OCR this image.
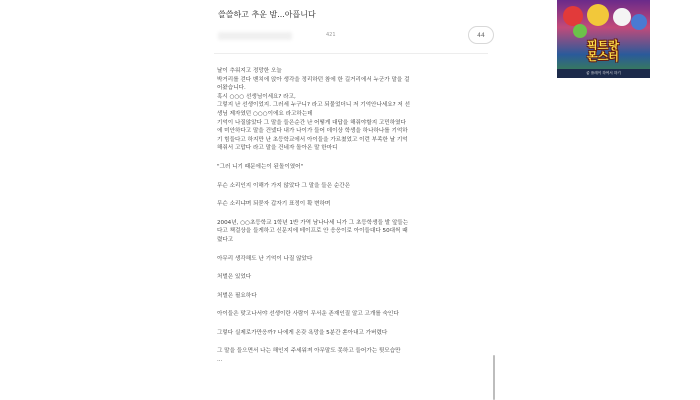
쓸쓸하고 추운 밤...아픕니다
421	44
날이 추워지고 정망한 오늘
박거리를 걷다 벤치에 앉아 생각을 정리하던 참에 한 길거리에서 누군가 말을 걸
어왔습니다.
혹시 ○○○ 선생님이세요? 라고,
그렇지 난 선생이었지. 그러세 누구니? 라고 되물었더니 저 기억안나세요? 저 선
생님 제자였던 ○○○이에요 라고하는데
기억이 나질않았다 그 말을 들은순간 난 어떻게 대답을 해줘야할지 고민하였다
에 미안하다고 말을 건넸다 내가 나이가 들어 데이상 학생을 하나하나를 기억하
기 힘들다고 하지만 난 초등학교에서 아이들을 가르쳤었고 이런 부족한 날 기억
해줘서 고맙다 라고 말을 건네자 돌아온 말 한마디
"그러 니기 때문에는이 된돌이였어"
무슨 소리인지 이해가 가지 않았다 그 말을 들은 순간은
무슨 소리냐며 되묻자 갑자기 표정이 확 변하며
2004년, ○○초등학교 1학년 1반 가역 남나나세 니가 그 초등학생들 발 앞들는
다고 책걸상을 들게하고 신문지에 테이프로 안 응응이로 아이들대다 50대씩 때
렸다고
아무리 생각해도 난 기억이 나질 않았다
처벌은 있었다
처벌은 필요하다
아이들은 맞고나서야 선생이란 사람이 무서운 존재인질 알고 고개를 숙인다
그렇다 실제로가만응까? 나에게 온갖 욕망을 5분간 쏟아내고 가버렸다
그 말을 들으면서 나는 해인지 주세워져 아무말도 못하고 들어가는 뒷모습만
...
픽트랑
몬스터
좋 플레이 하여서 하기
